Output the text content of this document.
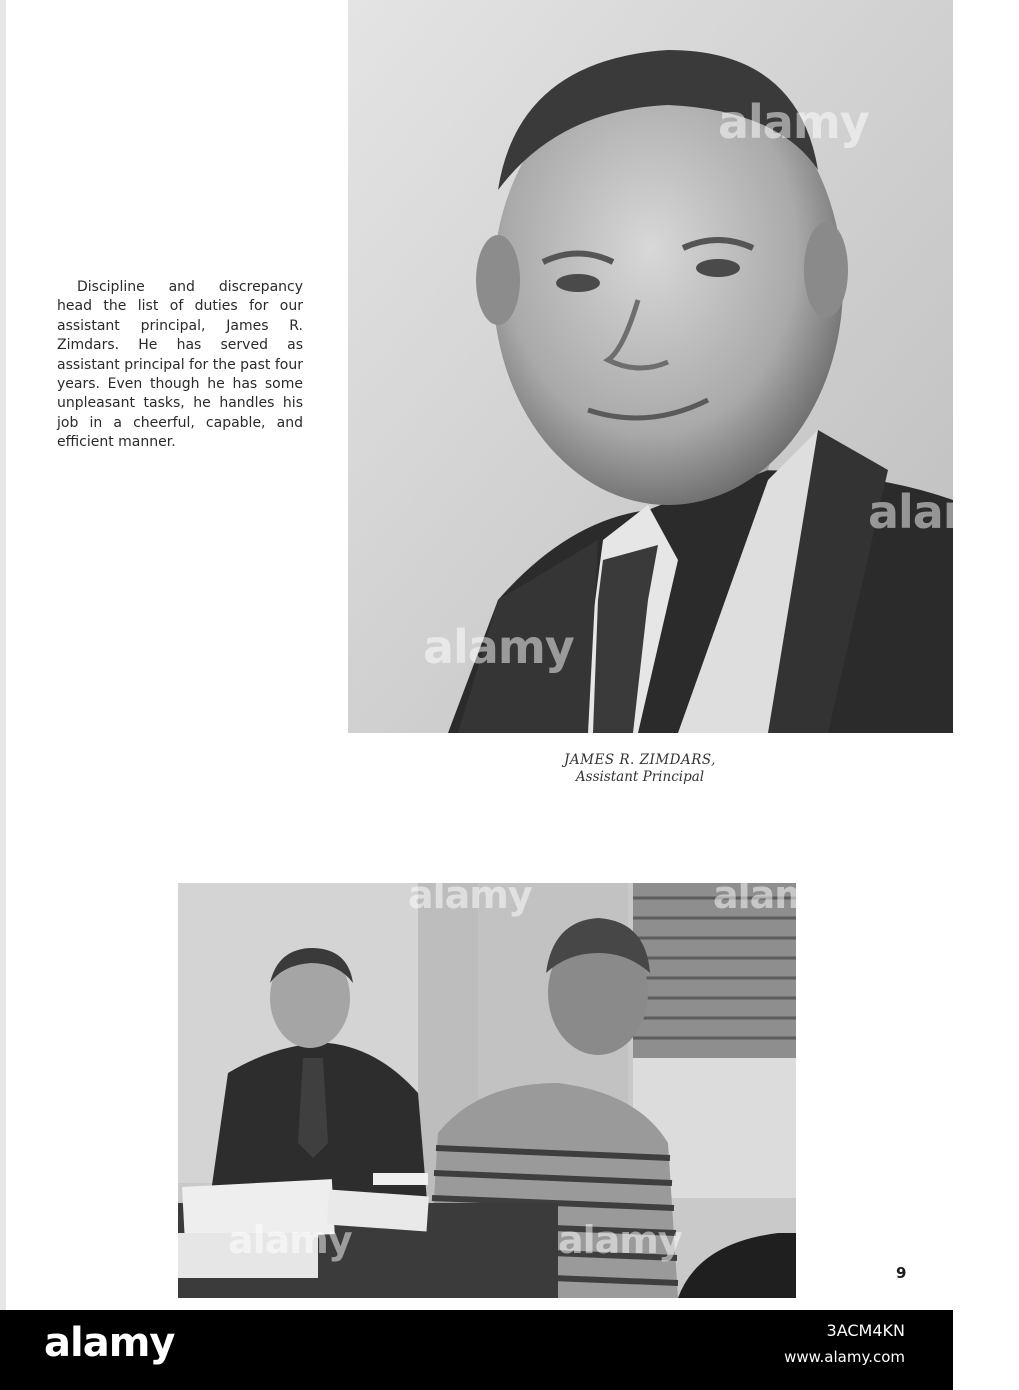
Discipline and discrepancy head the list of duties for our assistant principal, James R. Zimdars. He has served as assistant principal for the past four years. Even though he has some unpleasant tasks, he handles his job in a cheerful, capable, and efficient manner.

alamy
alamy
alamy
JAMES R. ZIMDARS,
Assistant Principal
alamy	alamy
alamy	alamy
9
alamy	3ACM4KN
www.alamy.com
